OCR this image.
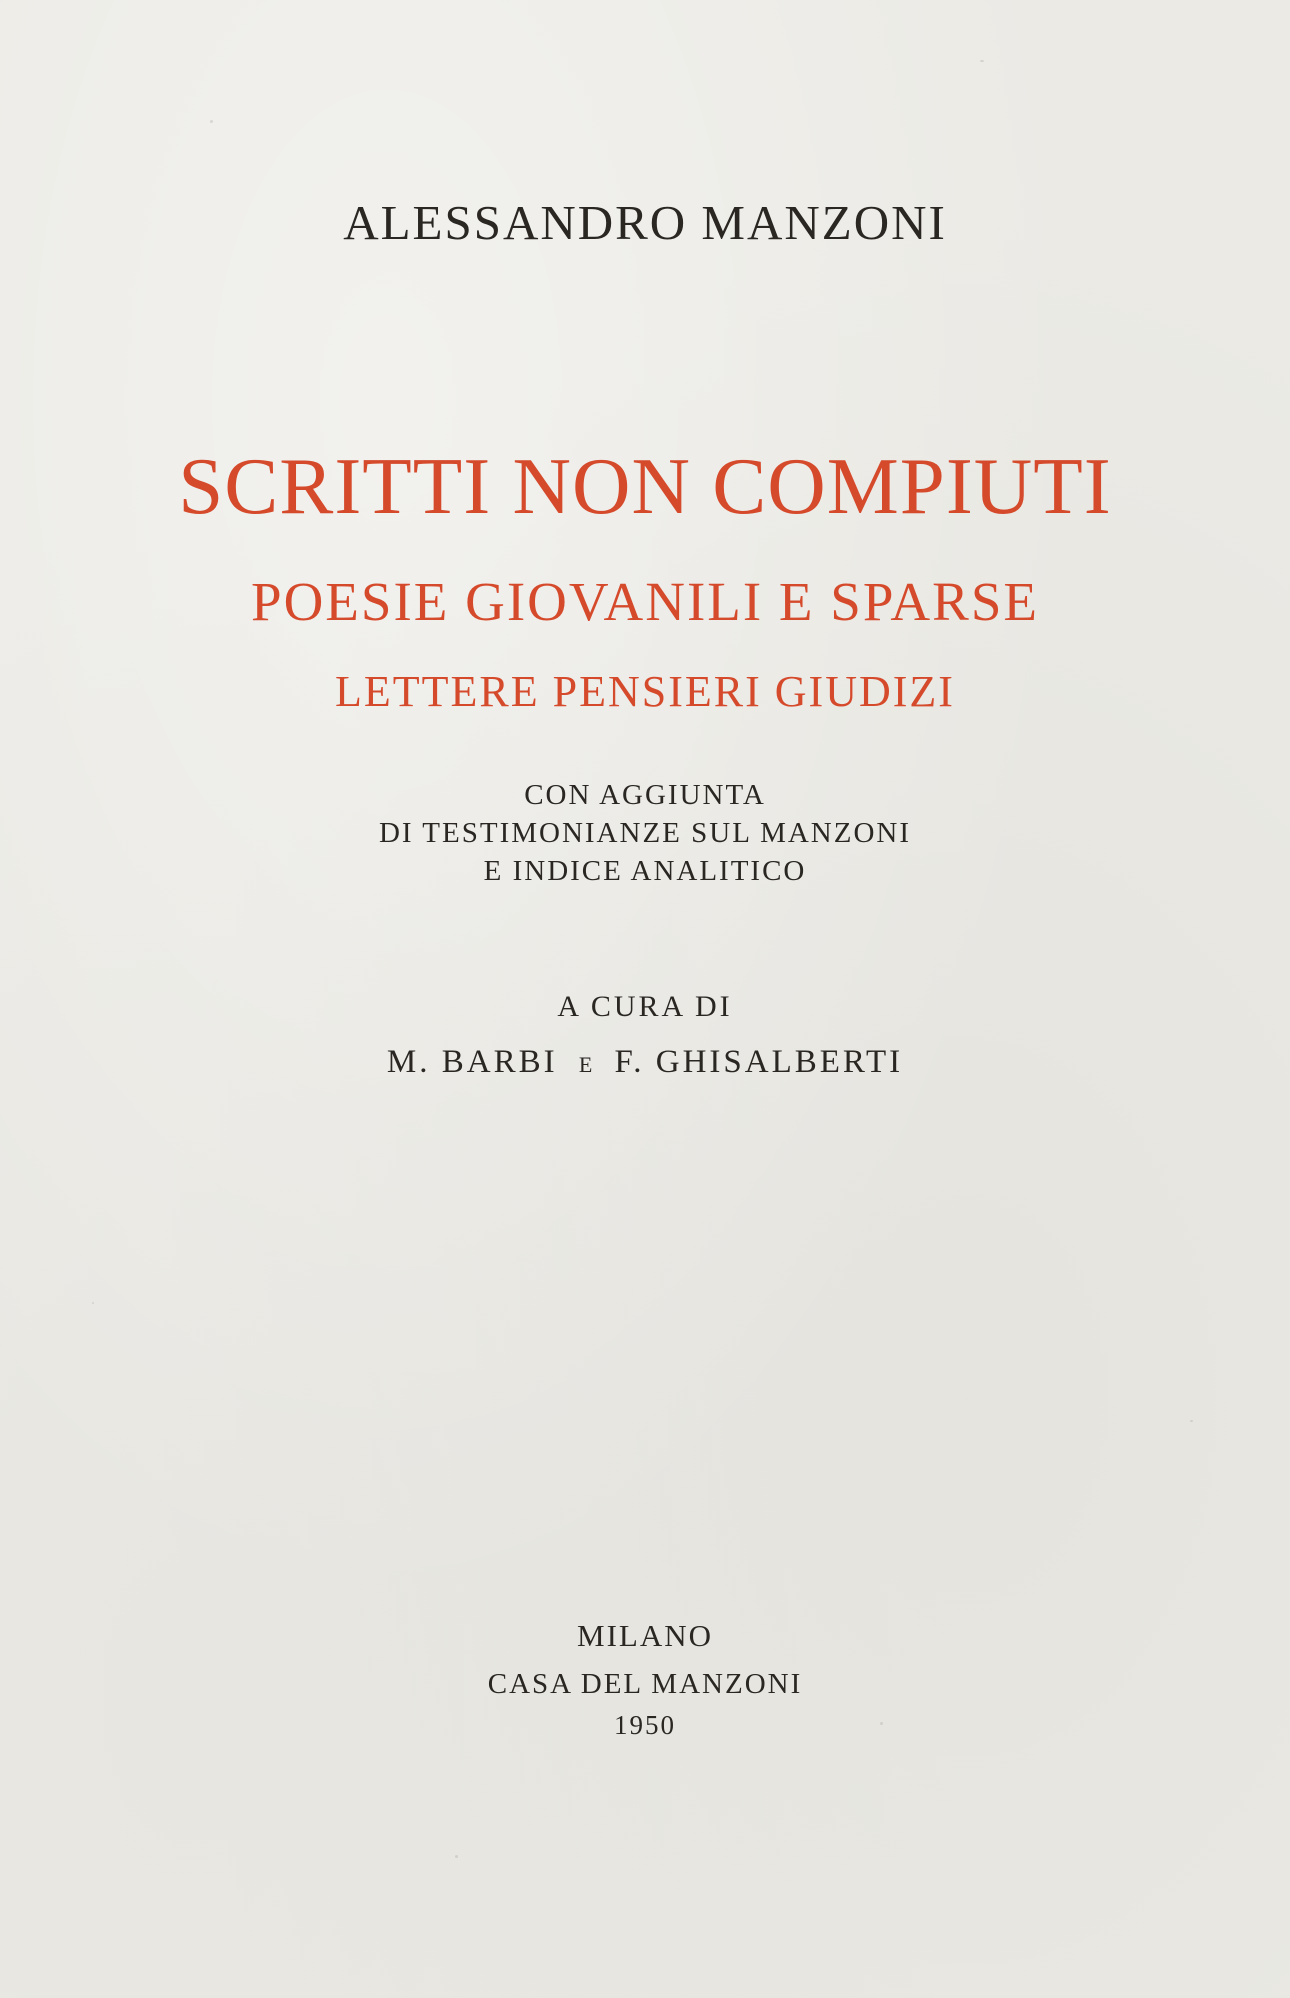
ALESSANDRO MANZONI

SCRITTI NON COMPIUTI

POESIE GIOVANILI E SPARSE

LETTERE PENSIERI GIUDIZI

CON AGGIUNTA
DI TESTIMONIANZE SUL MANZONI
E INDICE ANALITICO

A CURA DI

M. BARBI E F. GHISALBERTI

MILANO

CASA DEL MANZONI

1950
